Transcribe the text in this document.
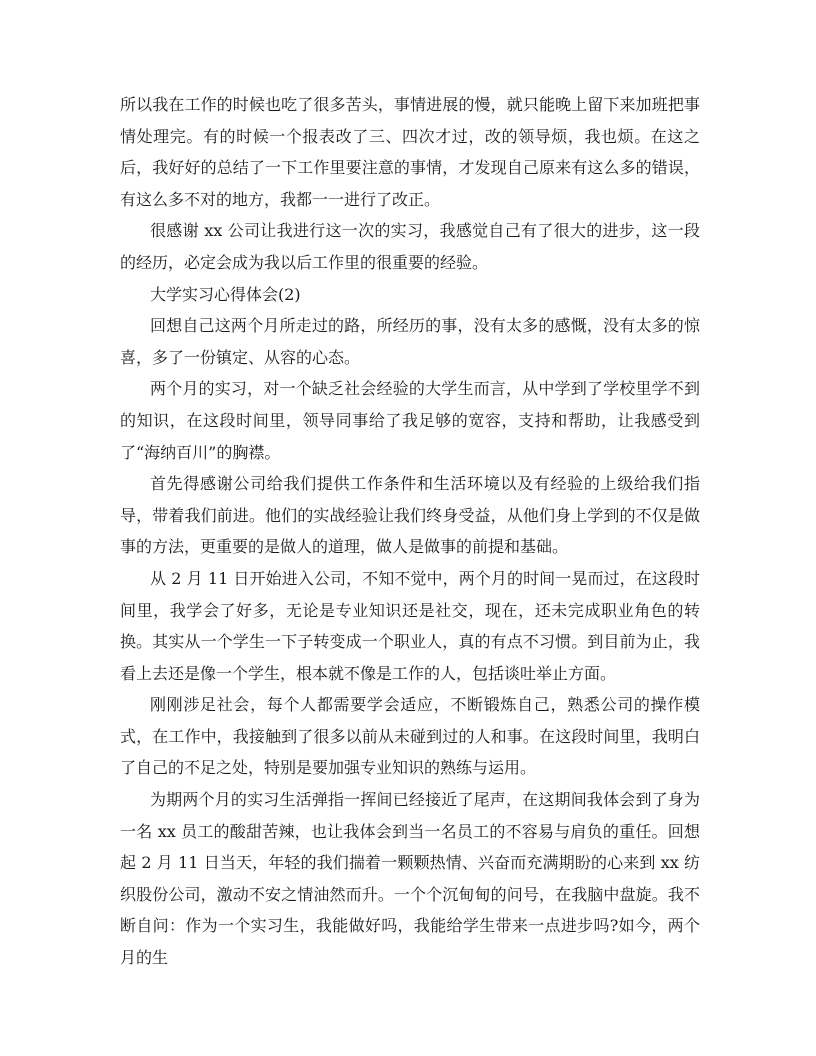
所以我在工作的时候也吃了很多苦头，事情进展的慢，就只能晚上留下来加班把事情处理完。有的时候一个报表改了三、四次才过，改的领导烦，我也烦。在这之后，我好好的总结了一下工作里要注意的事情，才发现自己原来有这么多的错误，有这么多不对的地方，我都一一进行了改正。

很感谢 xx 公司让我进行这一次的实习，我感觉自己有了很大的进步，这一段的经历，必定会成为我以后工作里的很重要的经验。

大学实习心得体会(2)

回想自己这两个月所走过的路，所经历的事，没有太多的感慨，没有太多的惊喜，多了一份镇定、从容的心态。

两个月的实习，对一个缺乏社会经验的大学生而言，从中学到了学校里学不到的知识，在这段时间里，领导同事给了我足够的宽容，支持和帮助，让我感受到了“海纳百川”的胸襟。

首先得感谢公司给我们提供工作条件和生活环境以及有经验的上级给我们指导，带着我们前进。他们的实战经验让我们终身受益，从他们身上学到的不仅是做事的方法，更重要的是做人的道理，做人是做事的前提和基础。

从 2 月 11 日开始进入公司，不知不觉中，两个月的时间一晃而过，在这段时间里，我学会了好多，无论是专业知识还是社交，现在，还未完成职业角色的转换。其实从一个学生一下子转变成一个职业人，真的有点不习惯。到目前为止，我看上去还是像一个学生，根本就不像是工作的人，包括谈吐举止方面。

刚刚涉足社会，每个人都需要学会适应，不断锻炼自己，熟悉公司的操作模式，在工作中，我接触到了很多以前从未碰到过的人和事。在这段时间里，我明白了自己的不足之处，特别是要加强专业知识的熟练与运用。

为期两个月的实习生活弹指一挥间已经接近了尾声，在这期间我体会到了身为一名 xx 员工的酸甜苦辣，也让我体会到当一名员工的不容易与肩负的重任。回想起 2 月 11 日当天，年轻的我们揣着一颗颗热情、兴奋而充满期盼的心来到 xx 纺织股份公司，激动不安之情油然而升。一个个沉甸甸的问号，在我脑中盘旋。我不断自问：作为一个实习生，我能做好吗，我能给学生带来一点进步吗?如今，两个月的生
